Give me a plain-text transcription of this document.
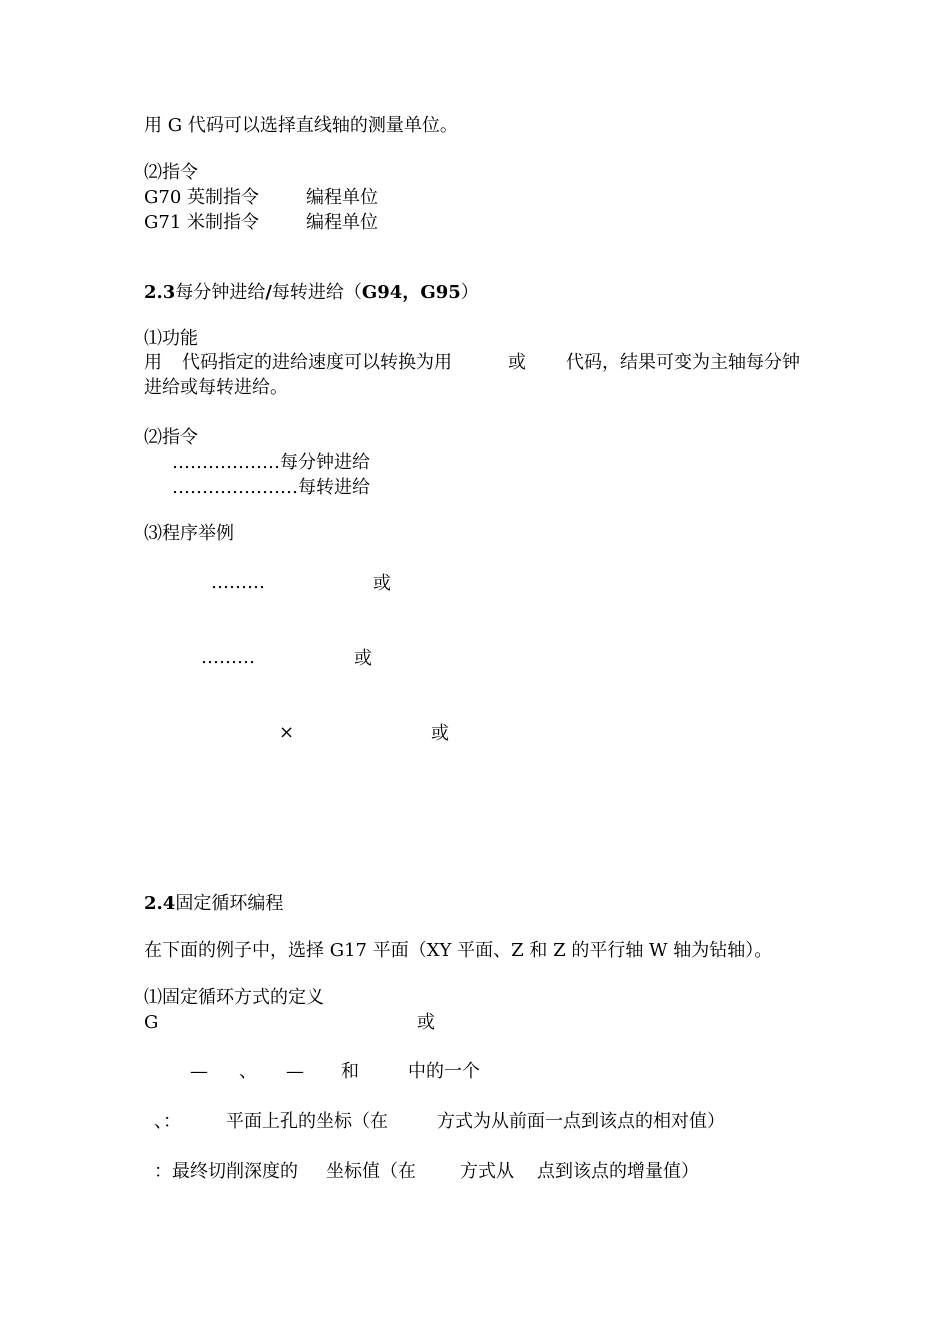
用 G 代码可以选择直线轴的测量单位。
⑵指令
G70 英制指令	编程单位
G71 米制指令	编程单位
2.3每分钟进给/每转进给（G94，G95）
⑴功能
用 代码指定的进给速度可以转换为用	或 代码，结果可变为主轴每分钟
进给或每转进给。
⑵指令
………………每分钟进给
…………………每转进给
⑶程序举例
………	或
………	或
×	或
2.4固定循环编程
在下面的例子中，选择 G17 平面（XY 平面、Z 和 Z 的平行轴 W 轴为钻轴）。
⑴固定循环方式的定义
G	或
— 、 — 和	中的一个
、：	平面上孔的坐标（在	方式为从前面一点到该点的相对值）
：最终切削深度的 坐标值（在 方式从 点到该点的增量值）
